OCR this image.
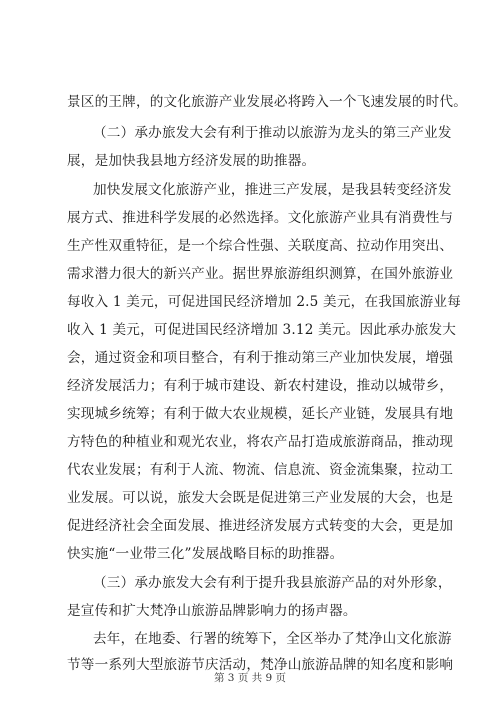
景区的王牌，的文化旅游产业发展必将跨入一个飞速发展的时代。
（二）承办旅发大会有利于推动以旅游为龙头的第三产业发
展，是加快我县地方经济发展的助推器。
加快发展文化旅游产业，推进三产发展，是我县转变经济发
展方式、推进科学发展的必然选择。文化旅游产业具有消费性与
生产性双重特征，是一个综合性强、关联度高、拉动作用突出、
需求潜力很大的新兴产业。据世界旅游组织测算，在国外旅游业
每收入 1 美元，可促进国民经济增加 2.5 美元，在我国旅游业每
收入 1 美元，可促进国民经济增加 3.12 美元。因此承办旅发大
会，通过资金和项目整合，有利于推动第三产业加快发展，增强
经济发展活力；有利于城市建设、新农村建设，推动以城带乡，
实现城乡统筹；有利于做大农业规模，延长产业链，发展具有地
方特色的种植业和观光农业，将农产品打造成旅游商品，推动现
代农业发展；有利于人流、物流、信息流、资金流集聚，拉动工
业发展。可以说，旅发大会既是促进第三产业发展的大会，也是
促进经济社会全面发展、推进经济发展方式转变的大会，更是加
快实施“一业带三化”发展战略目标的助推器。
（三）承办旅发大会有利于提升我县旅游产品的对外形象，
是宣传和扩大梵净山旅游品牌影响力的扬声器。
去年，在地委、行署的统筹下，全区举办了梵净山文化旅游
节等一系列大型旅游节庆活动，梵净山旅游品牌的知名度和影响
第 3 页 共 9 页
